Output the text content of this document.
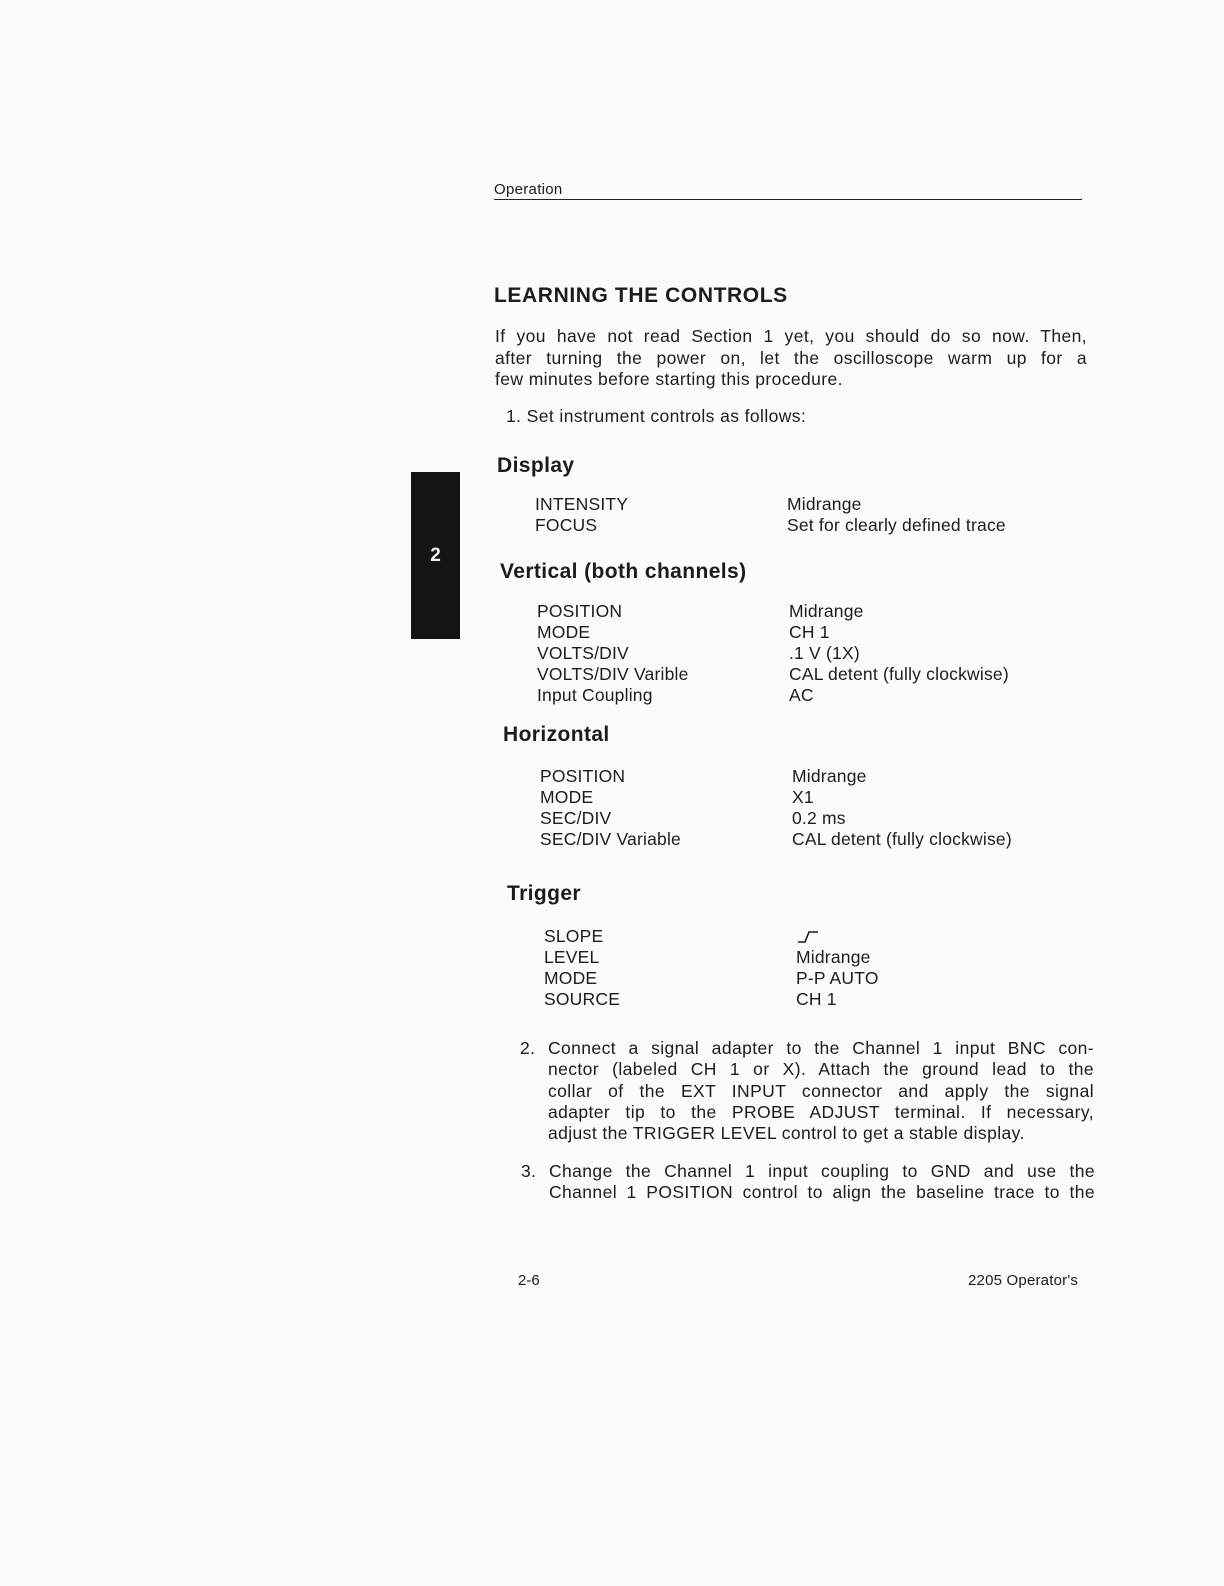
Operation
2
LEARNING THE CONTROLS
If you have not read Section 1 yet, you should do so now. Then,
after turning the power on, let the oscilloscope warm up for a
few minutes before starting this procedure.
1. Set instrument controls as follows:
Display
INTENSITY	Midrange
FOCUS	Set for clearly defined trace
Vertical (both channels)
POSITION	Midrange
MODE	CH 1
VOLTS/DIV	.1 V (1X)
VOLTS/DIV Varible	CAL detent (fully clockwise)
Input Coupling	AC
Horizontal
POSITION	Midrange
MODE	X1
SEC/DIV	0.2 ms
SEC/DIV Variable	CAL detent (fully clockwise)
Trigger
SLOPE
LEVEL	Midrange
MODE	P-P AUTO
SOURCE	CH 1
2. Connect a signal adapter to the Channel 1 input BNC con-
nector (labeled CH 1 or X). Attach the ground lead to the
collar of the EXT INPUT connector and apply the signal
adapter tip to the PROBE ADJUST terminal. If necessary,
adjust the TRIGGER LEVEL control to get a stable display.
3. Change the Channel 1 input coupling to GND and use the
Channel 1 POSITION control to align the baseline trace to the
2-6	2205 Operator's
